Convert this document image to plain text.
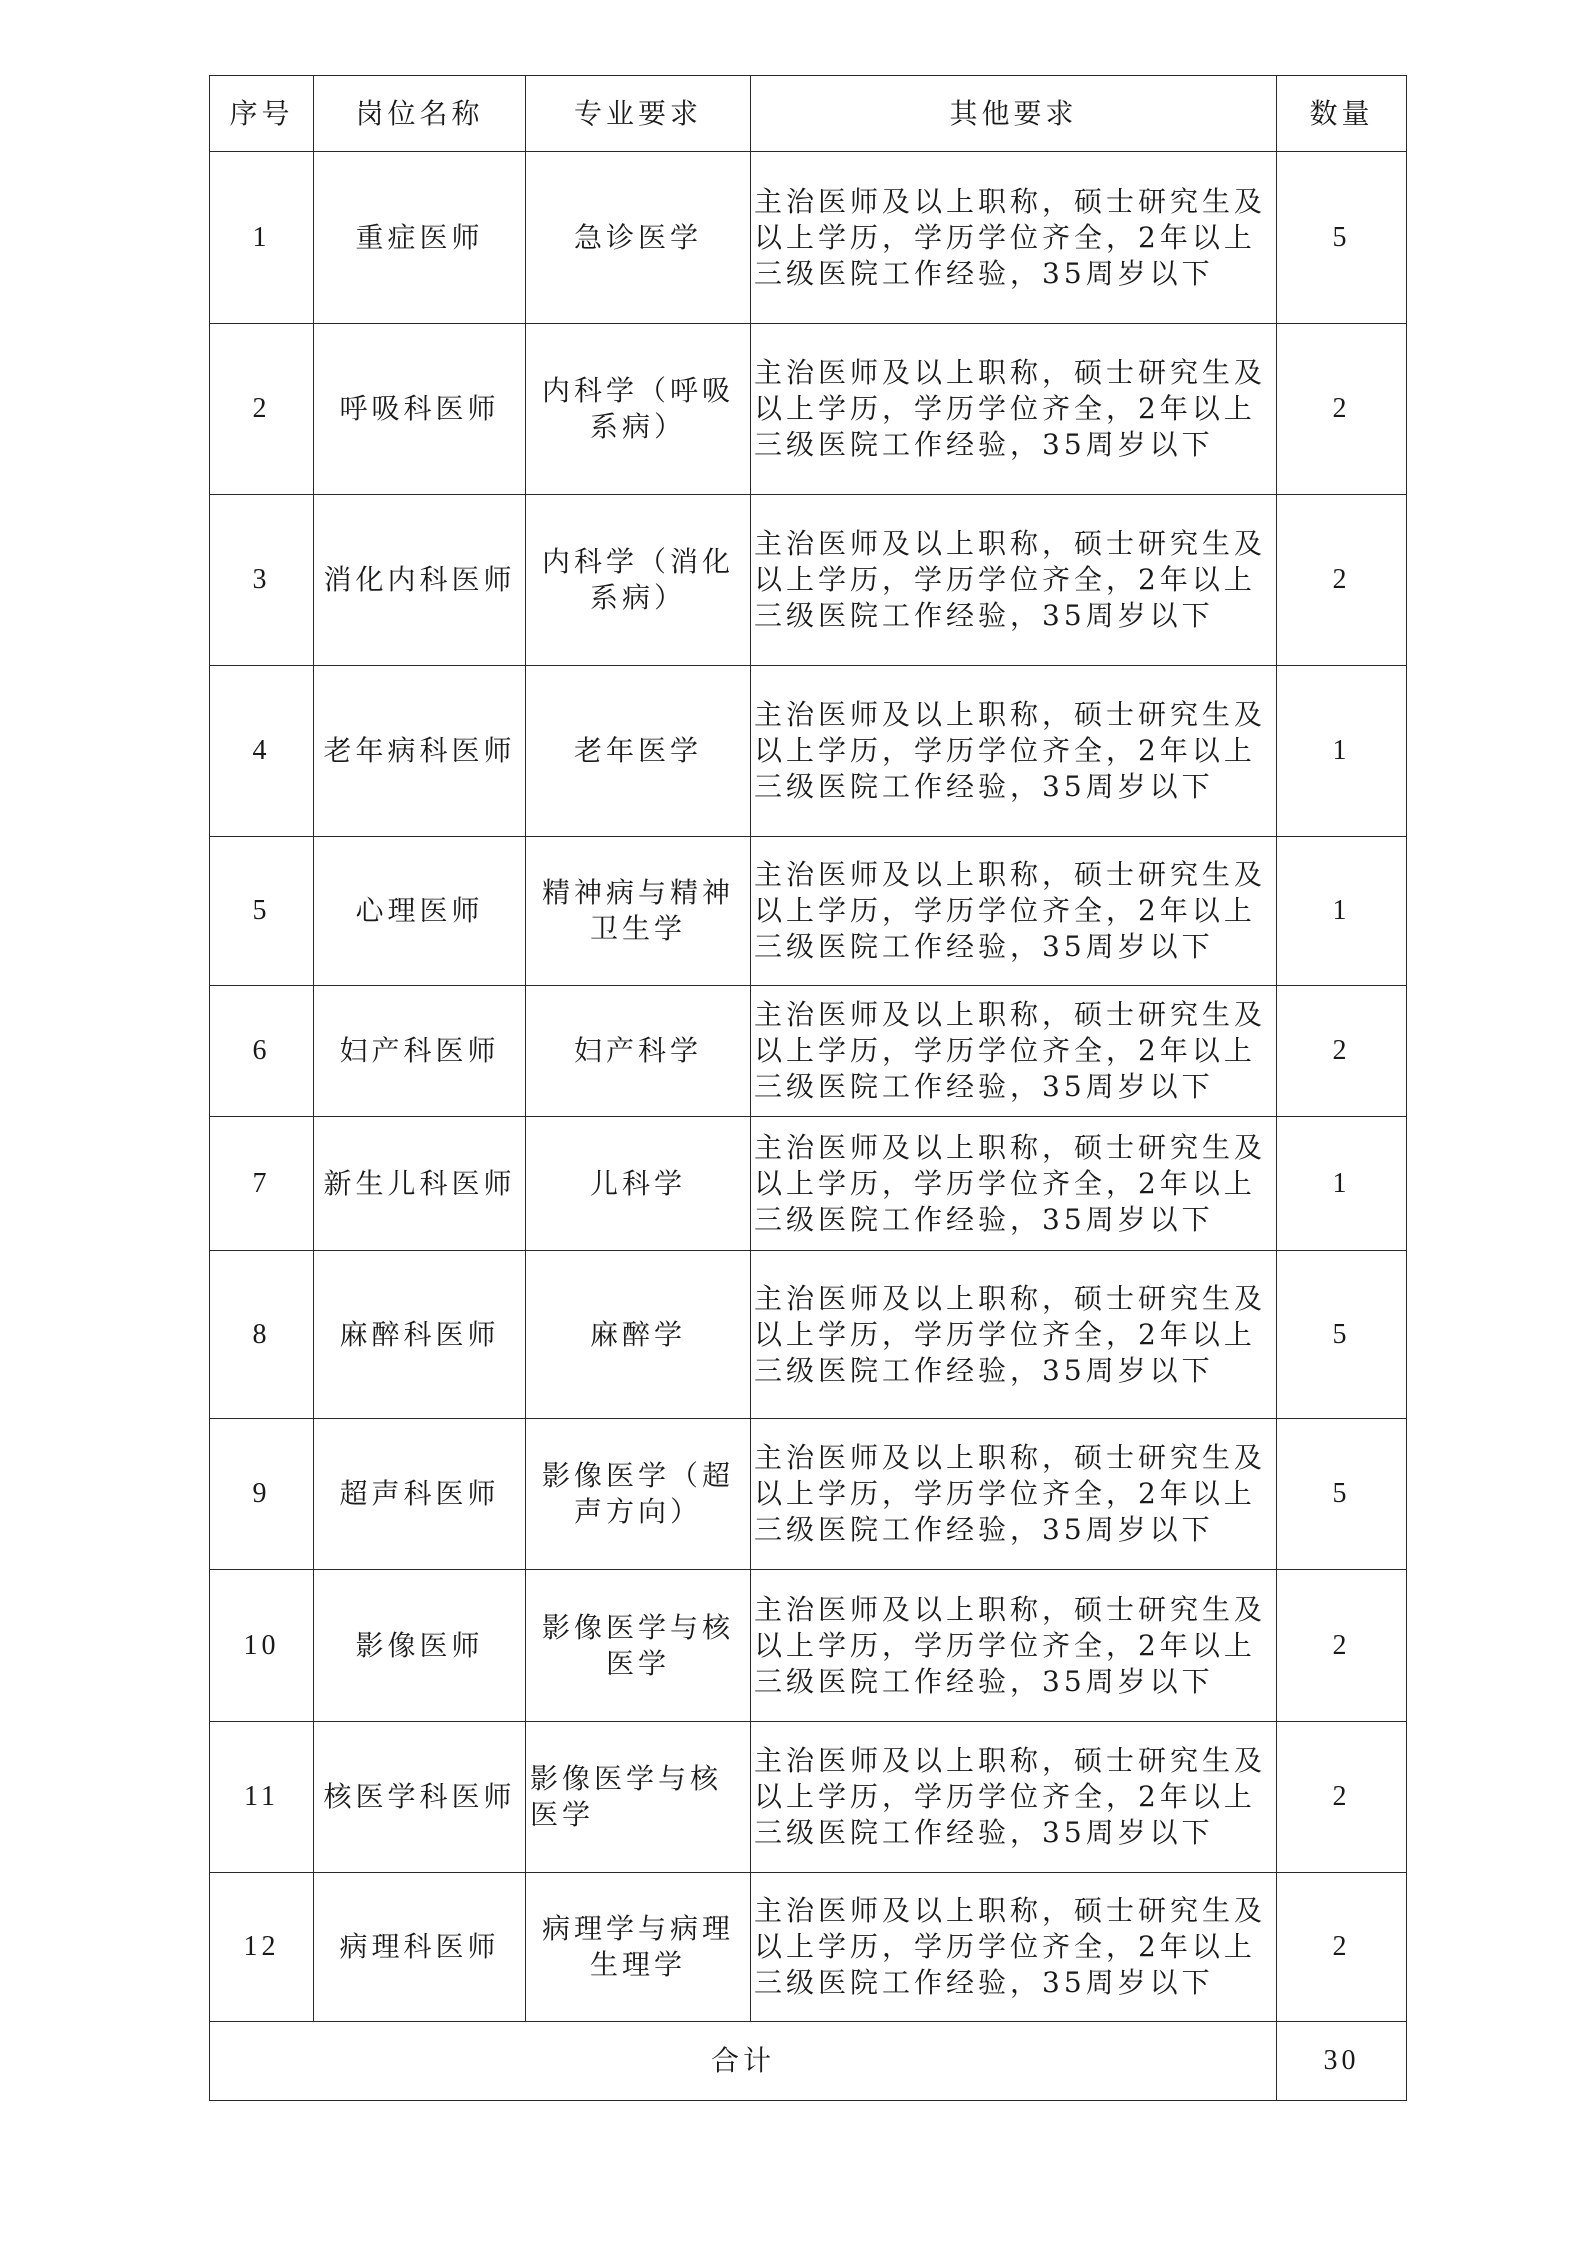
序号	岗位名称	专业要求	其他要求	数量
1	重症医师	急诊医学	主治医师及以上职称，硕士研究生及以上学历，学历学位齐全，2年以上三级医院工作经验，35周岁以下	5
2	呼吸科医师	内科学（呼吸系病）	主治医师及以上职称，硕士研究生及以上学历，学历学位齐全，2年以上三级医院工作经验，35周岁以下	2
3	消化内科医师	内科学（消化系病）	主治医师及以上职称，硕士研究生及以上学历，学历学位齐全，2年以上三级医院工作经验，35周岁以下	2
4	老年病科医师	老年医学	主治医师及以上职称，硕士研究生及以上学历，学历学位齐全，2年以上三级医院工作经验，35周岁以下	1
5	心理医师	精神病与精神卫生学	主治医师及以上职称，硕士研究生及以上学历，学历学位齐全，2年以上三级医院工作经验，35周岁以下	1
6	妇产科医师	妇产科学	主治医师及以上职称，硕士研究生及以上学历，学历学位齐全，2年以上三级医院工作经验，35周岁以下	2
7	新生儿科医师	儿科学	主治医师及以上职称，硕士研究生及以上学历，学历学位齐全，2年以上三级医院工作经验，35周岁以下	1
8	麻醉科医师	麻醉学	主治医师及以上职称，硕士研究生及以上学历，学历学位齐全，2年以上三级医院工作经验，35周岁以下	5
9	超声科医师	影像医学（超声方向）	主治医师及以上职称，硕士研究生及以上学历，学历学位齐全，2年以上三级医院工作经验，35周岁以下	5
10	影像医师	影像医学与核医学	主治医师及以上职称，硕士研究生及以上学历，学历学位齐全，2年以上三级医院工作经验，35周岁以下	2
11	核医学科医师	影像医学与核医学	主治医师及以上职称，硕士研究生及以上学历，学历学位齐全，2年以上三级医院工作经验，35周岁以下	2
12	病理科医师	病理学与病理生理学	主治医师及以上职称，硕士研究生及以上学历，学历学位齐全，2年以上三级医院工作经验，35周岁以下	2
合计				30
